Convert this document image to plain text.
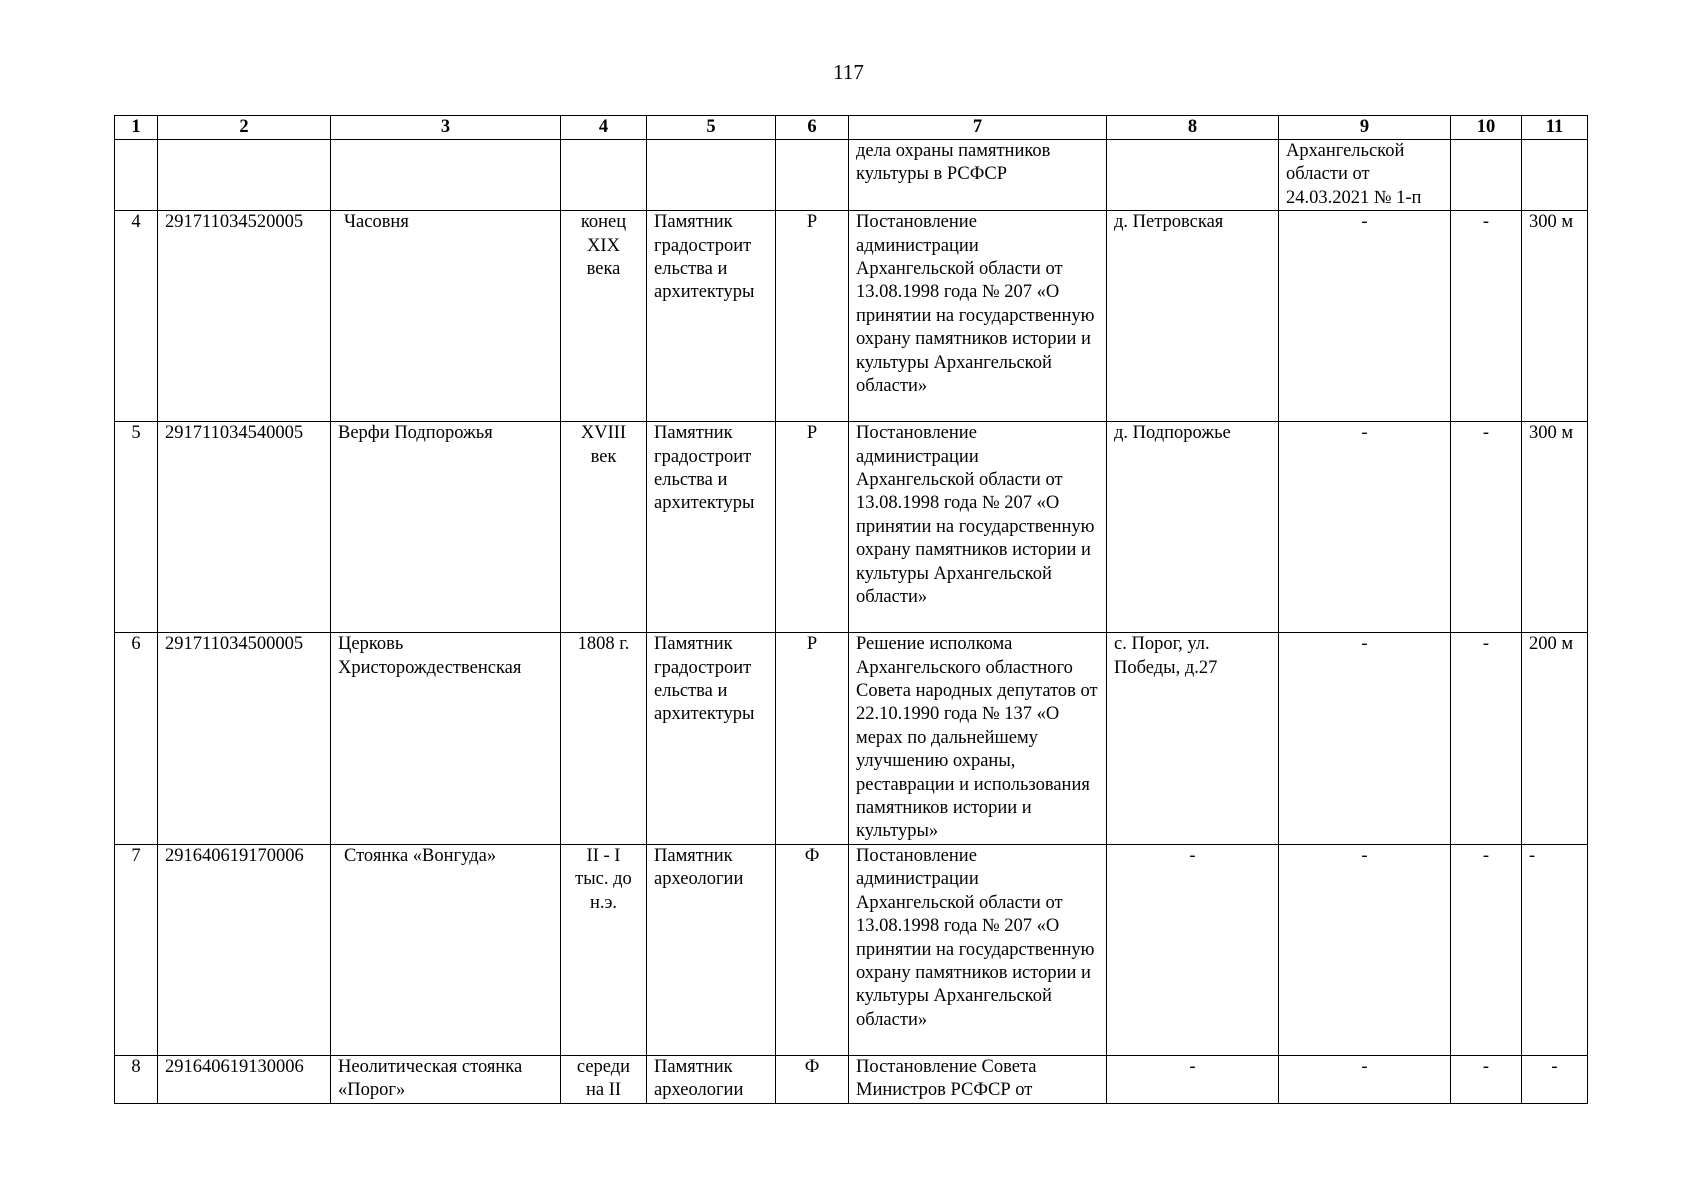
117
1	2	3	4	5	6	7	8	9	10	11
						дела охраны памятников культуры в РСФСР		Архангельской области от 24.03.2021 № 1-п		
4	291711034520005	Часовня	конец XIX века	Памятник градостроит ельства и архитектуры	Р	Постановление администрации Архангельской области от 13.08.1998 года № 207 «О принятии на государственную охрану памятников истории и культуры Архангельской области»	д. Петровская	-	-	300 м
5	291711034540005	Верфи Подпорожья	XVIII век	Памятник градостроит ельства и архитектуры	Р	Постановление администрации Архангельской области от 13.08.1998 года № 207 «О принятии на государственную охрану памятников истории и культуры Архангельской области»	д. Подпорожье	-	-	300 м
6	291711034500005	Церковь Христорождественская	1808 г.	Памятник градостроит ельства и архитектуры	Р	Решение исполкома Архангельского областного Совета народных депутатов от 22.10.1990 года № 137 «О мерах по дальнейшему улучшению охраны, реставрации и использования памятников истории и культуры»	с. Порог, ул. Победы, д.27	-	-	200 м
7	291640619170006	Стоянка «Вонгуда»	II - I тыс. до н.э.	Памятник археологии	Ф	Постановление администрации Архангельской области от 13.08.1998 года № 207 «О принятии на государственную охрану памятников истории и культуры Архангельской области»	-	-	-	-
8	291640619130006	Неолитическая стоянка «Порог»	середи на II	Памятник археологии	Ф	Постановление Совета Министров РСФСР от	-	-	-	-
